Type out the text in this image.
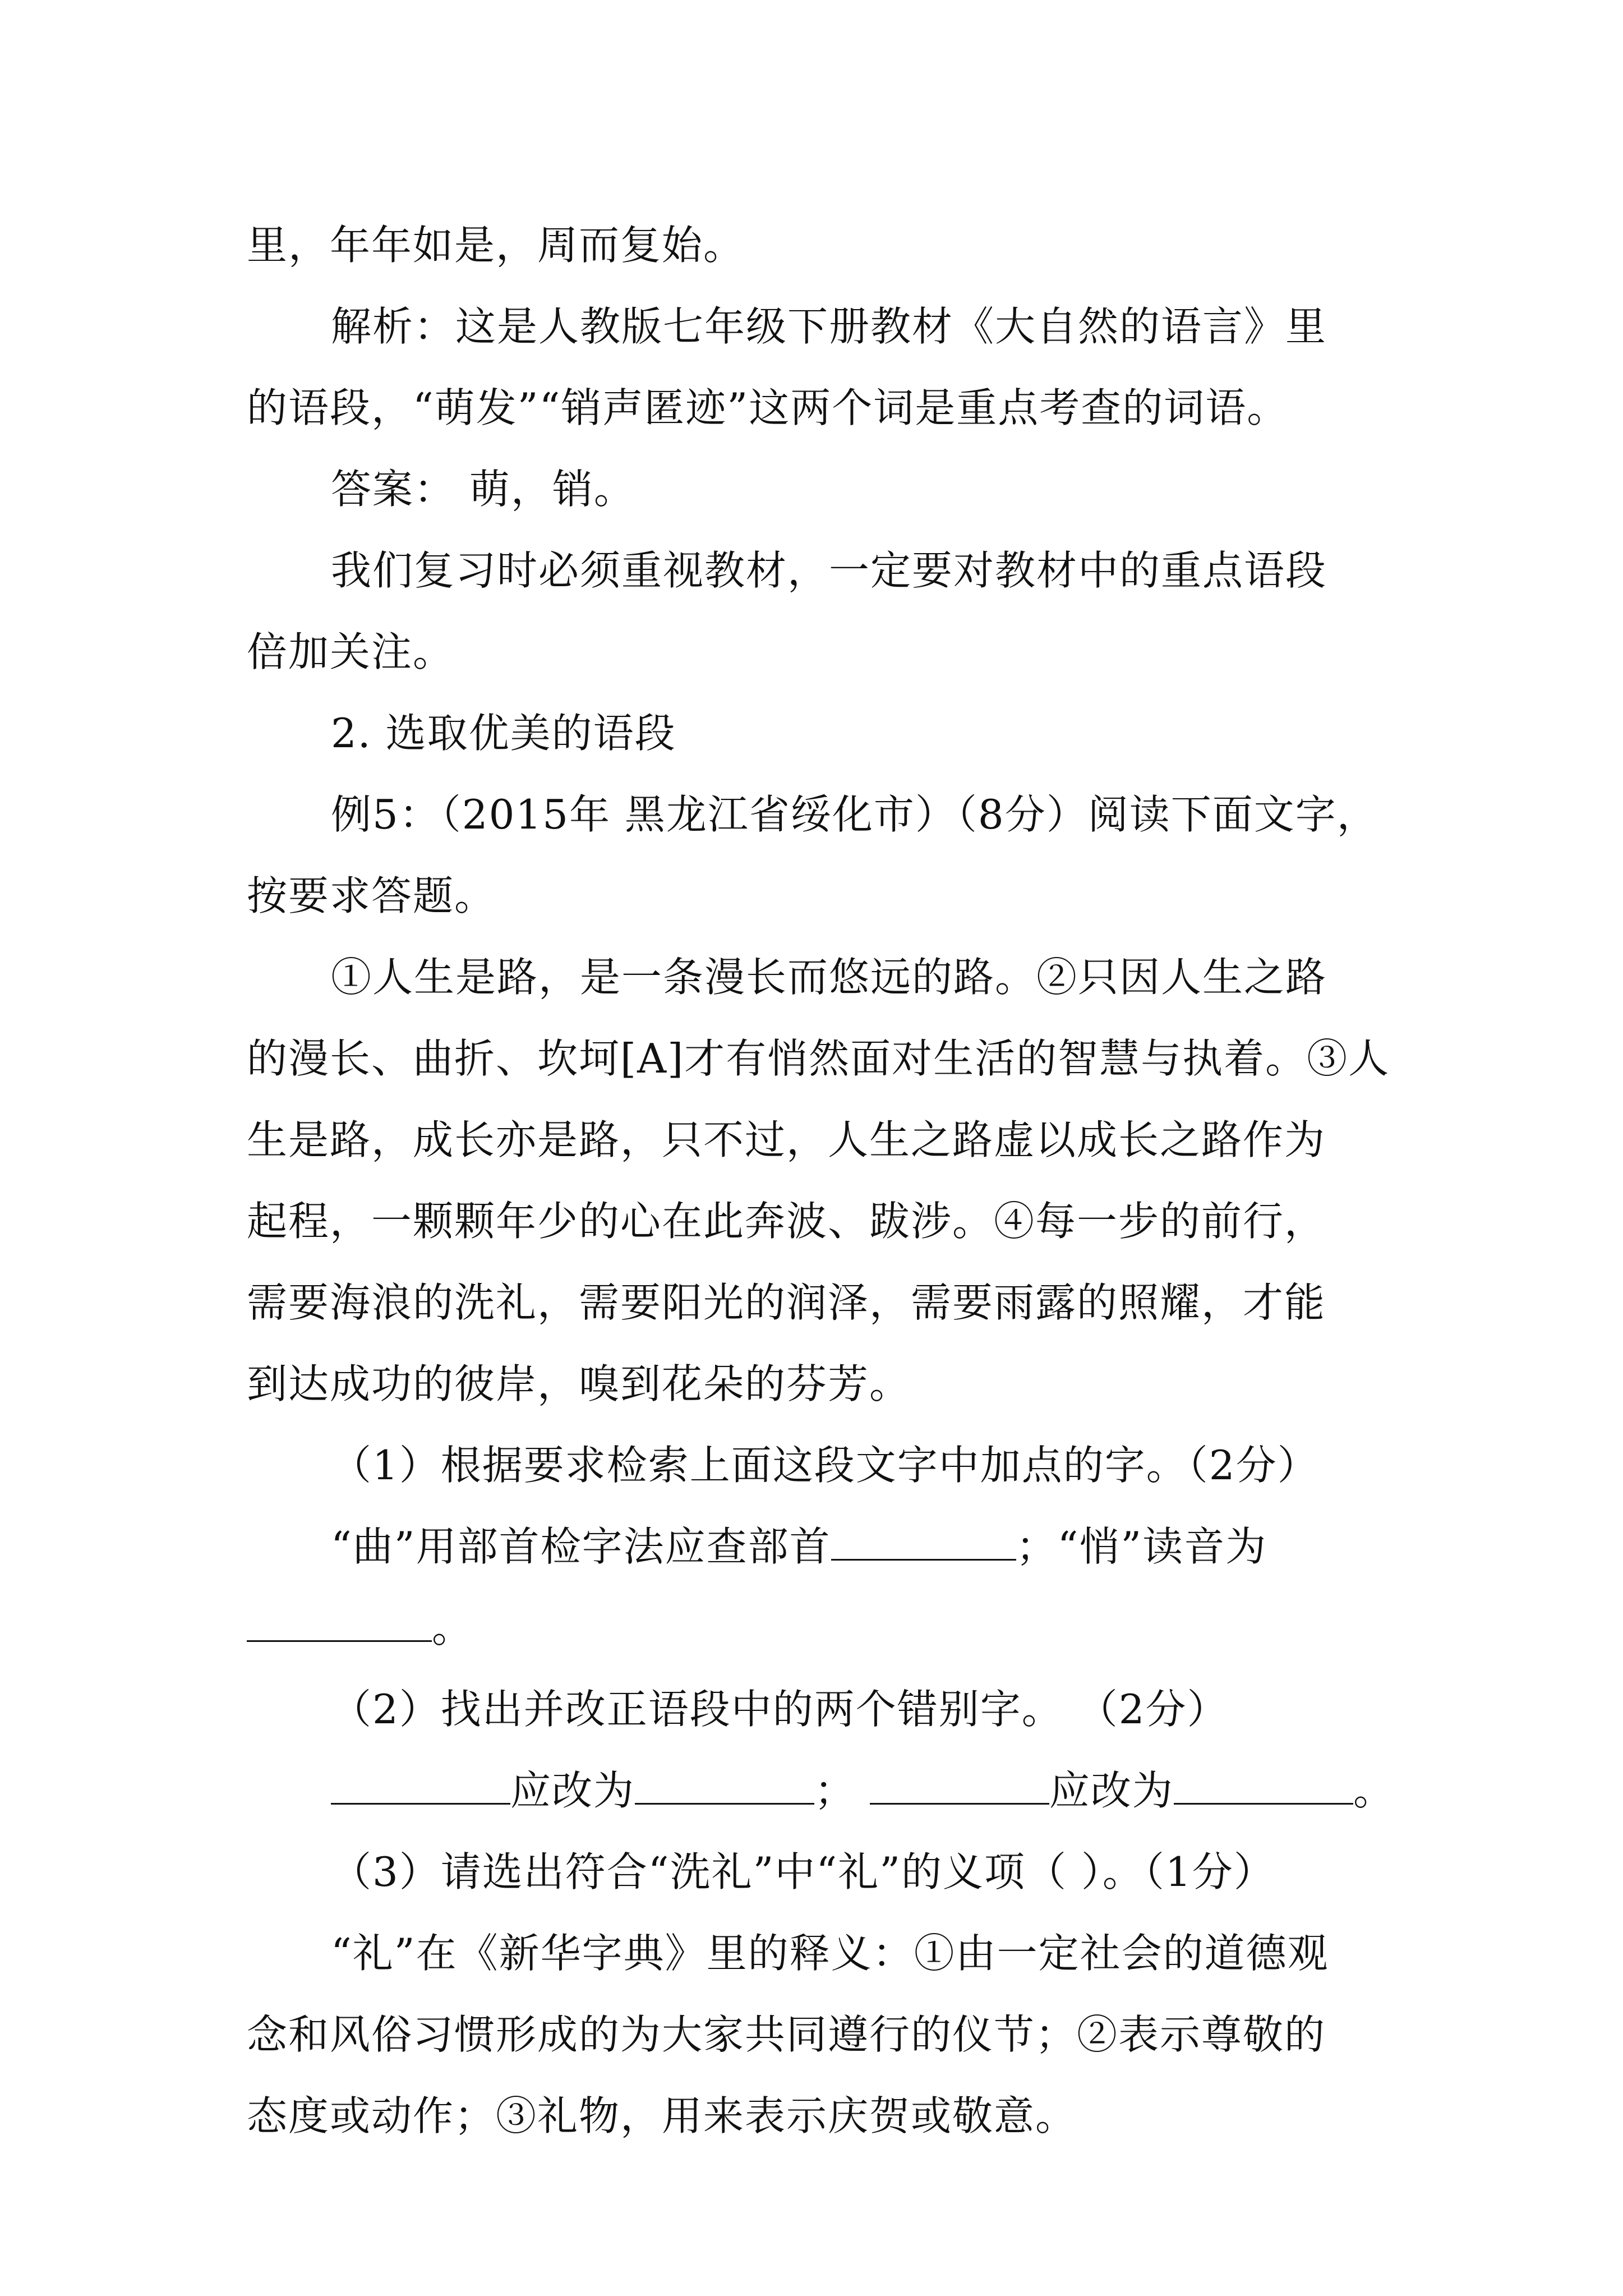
里，年年如是，周而复始。
解析：这是人教版七年级下册教材《大自然的语言》里
的语段，“萌发”“销声匿迹”这两个词是重点考查的词语。
答案： 萌，销。
我们复习时必须重视教材，一定要对教材中的重点语段
倍加关注。
2. 选取优美的语段
例5：（2015年 黑龙江省绥化市）（8分）阅读下面文字，
按要求答题。
①人生是路，是一条漫长而悠远的路。②只因人生之路
的漫长、曲折、坎坷[A]才有悄然面对生活的智慧与执着。③人
生是路，成长亦是路，只不过，人生之路虚以成长之路作为
起程，一颗颗年少的心在此奔波、跋涉。④每一步的前行，
需要海浪的洗礼，需要阳光的润泽，需要雨露的照耀，才能
到达成功的彼岸，嗅到花朵的芬芳。
（1）根据要求检索上面这段文字中加点的字。（2分）
“曲”用部首检字法应查部首	；“悄”读音为
。
（2）找出并改正语段中的两个错别字。 （2分）
应改为	；	应改为	。
（3）请选出符合“洗礼”中“礼”的义项（ ）。（1分）
“礼”在《新华字典》里的释义：①由一定社会的道德观
念和风俗习惯形成的为大家共同遵行的仪节；②表示尊敬的
态度或动作；③礼物，用来表示庆贺或敬意。
